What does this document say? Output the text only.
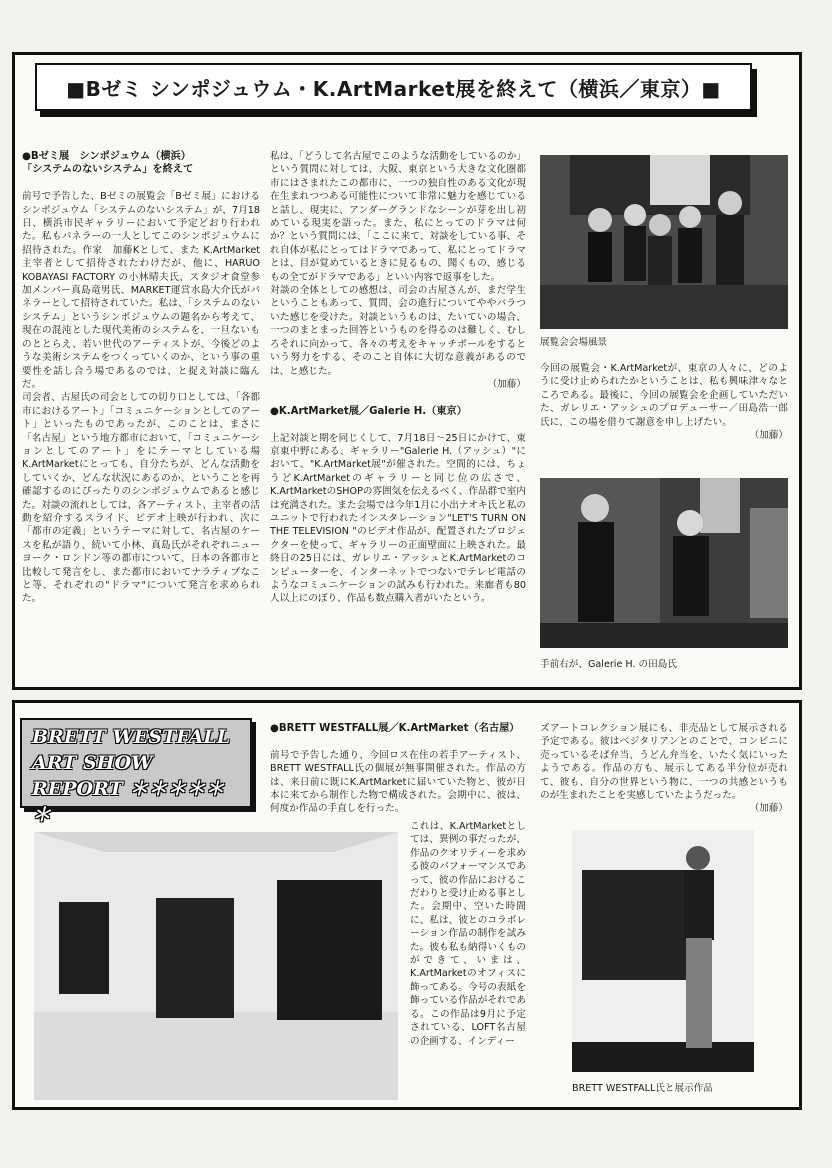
■Bゼミ シンポジュウム・K.ArtMarket展を終えて（横浜／東京）■
●Bゼミ展　シンポジュウム（横浜）
「システムのないシステム」を終えて

前号で予告した、Bゼミの展覧会「Bゼミ展」におけるシンポジュウム「システムのないシステム」が、7月18日、横浜市民ギャラリーにおいて予定どおり行われた。私もパネラーの一人としてこのシンポジュウムに招待された。作家　加藤Kとして、また K.ArtMarket主宰者として招待されたわけだが、他に、HARUO KOBAYASI FACTORY の小林晴夫氏、スタジオ食堂参加メンバー真島竜男氏、MARKET運営水島大介氏がパネラーとして招待されていた。私は、「システムのないシステム」というシンポジュウムの題名から考えて、現在の混沌とした現代美術のシステムを、一旦ないものととらえ、若い世代のアーティストが、今後どのような美術システムをつくっていくのか、という事の重要性を話し合う場であるのでは、と捉え対談に臨んだ。
司会者、古屋氏の司会としての切り口としては、「各都市におけるアート」「コミュニケーションとしてのアート」といったものであったが、このことは、まさに「名古屋」という地方都市において、「コミュニケーションとしてのアート」をにテーマとしている場K.ArtMarketにとっても、自分たちが、どんな活動をしていくか、どんな状況にあるのか、ということを再確認するのにぴったりのシンポジュウムであると感じた。対談の流れとしては、各アーティスト、主宰者の活動を紹介するスライド、ビデオ上映が行われ、次に「都市の定義」というテーマに対して、名古屋のケースを私が語り、続いて小林、真島氏がそれぞれニューヨーク・ロンドン等の都市について、日本の各都市と比較して発言をし、また都市においてナラティブなこと等、それぞれの"ドラマ"について発言を求められた。
私は、「どうして名古屋でこのような活動をしているのか」という質問に対しては、大阪、東京という大きな文化圏都市にはさまれたこの都市に、一つの独自性のある文化が現在生まれつつある可能性について非常に魅力を感じていると話し、現実に、アンダーグランドなシーンが芽を出し初めている現実を語った。また、私にとってのドラマは何か？という質問には、「ここに来て、対談をしている事、それ自体が私にとってはドラマであって、私にとってドラマとは、目が覚めているときに見るもの、聞くもの、感じるもの全てがドラマである」といい内容で返事をした。
対談の全体としての感想は、司会の古屋さんが、まだ学生ということもあって、質問、会の進行についてややバラついた感じを受けた。対談というものは、たいていの場合、一つのまとまった回答というものを得るのは難しく、むしろそれに向かって、各々の考えをキャッチボールをするという努力をする、そのこと自体に大切な意義があるのでは、と感じた。

（加藤）

●K.ArtMarket展／Galerie H.（東京）

上記対談と期を同じくして、7月18日〜25日にかけて、東京東中野にある、ギャラリー"Galerie H.（アッシュ）"において、"K.ArtMarket展"が催された。空間的には、ちょうどK.ArtMarketのギャラリーと同じ位の広さで、K.ArtMarketのSHOPの雰囲気を伝えるべく、作品群で室内は充満された。また会場では今年1月に小出ナオキ氏と私のユニットで行われたインスタレーション"LET'S TURN ON THE TELEVISION "のビデオ作品が、配置されたプロジェクターを使って、ギャラリーの正面壁面に上映された。最終日の25日には、ガレリエ・アッシュとK.ArtMarketのコンピューターを、インターネットでつないでテレビ電話のようなコミュニケーションの試みも行われた。来廊者も80人以上にのぼり、作品も数点購入者がいたという。
展覧会会場風景
今回の展覧会・K.ArtMarketが、東京の人々に、どのように受け止められたかということは、私も興味津々なところである。最後に、今回の展覧会を企画していただいた、ガレリエ・アッシュのプロデューサー／田島浩一郎氏に、この場を借りて謝意を申し上げたい。

（加藤）
手前右が、Galerie H. の田島氏
BRETT WESTFALL
ART SHOW
REPORT ＊＊＊＊＊＊
●BRETT WESTFALL展／K.ArtMarket（名古屋）

前号で予告した通り、今回ロス在住の若手アーティスト、BRETT WESTFALL氏の個展が無事開催された。作品の方は、来日前に既にK.ArtMarketに届いていた物と、彼が日本に来てから制作した物で構成された。会期中に、彼は、何度か作品の手直しを行った。
これは、K.ArtMarketとしては、異例の事だったが、作品のクオリティーを求める彼のパフォーマンスであって、彼の作品におけるこだわりと受け止める事とした。会期中、空いた時間に、私は、彼とのコラボレーション作品の制作を試みた。彼も私も納得いくものができて、いまは、K.ArtMarketのオフィスに飾ってある。今号の表紙を飾っている作品がそれである。この作品は9月に予定されている、LOFT名古屋の企画する、インディー
ズアートコレクション展にも、非売品として展示される予定である。彼はベジタリアンとのことで、コンビニに売っているそば弁当、うどん弁当を、いたく気にいったようである。作品の方も、展示してある半分位が売れて、彼も、自分の世界という物に、一つの共感というものが生まれたことを実感していたようだった。

（加藤）
BRETT WESTFALL氏と展示作品
